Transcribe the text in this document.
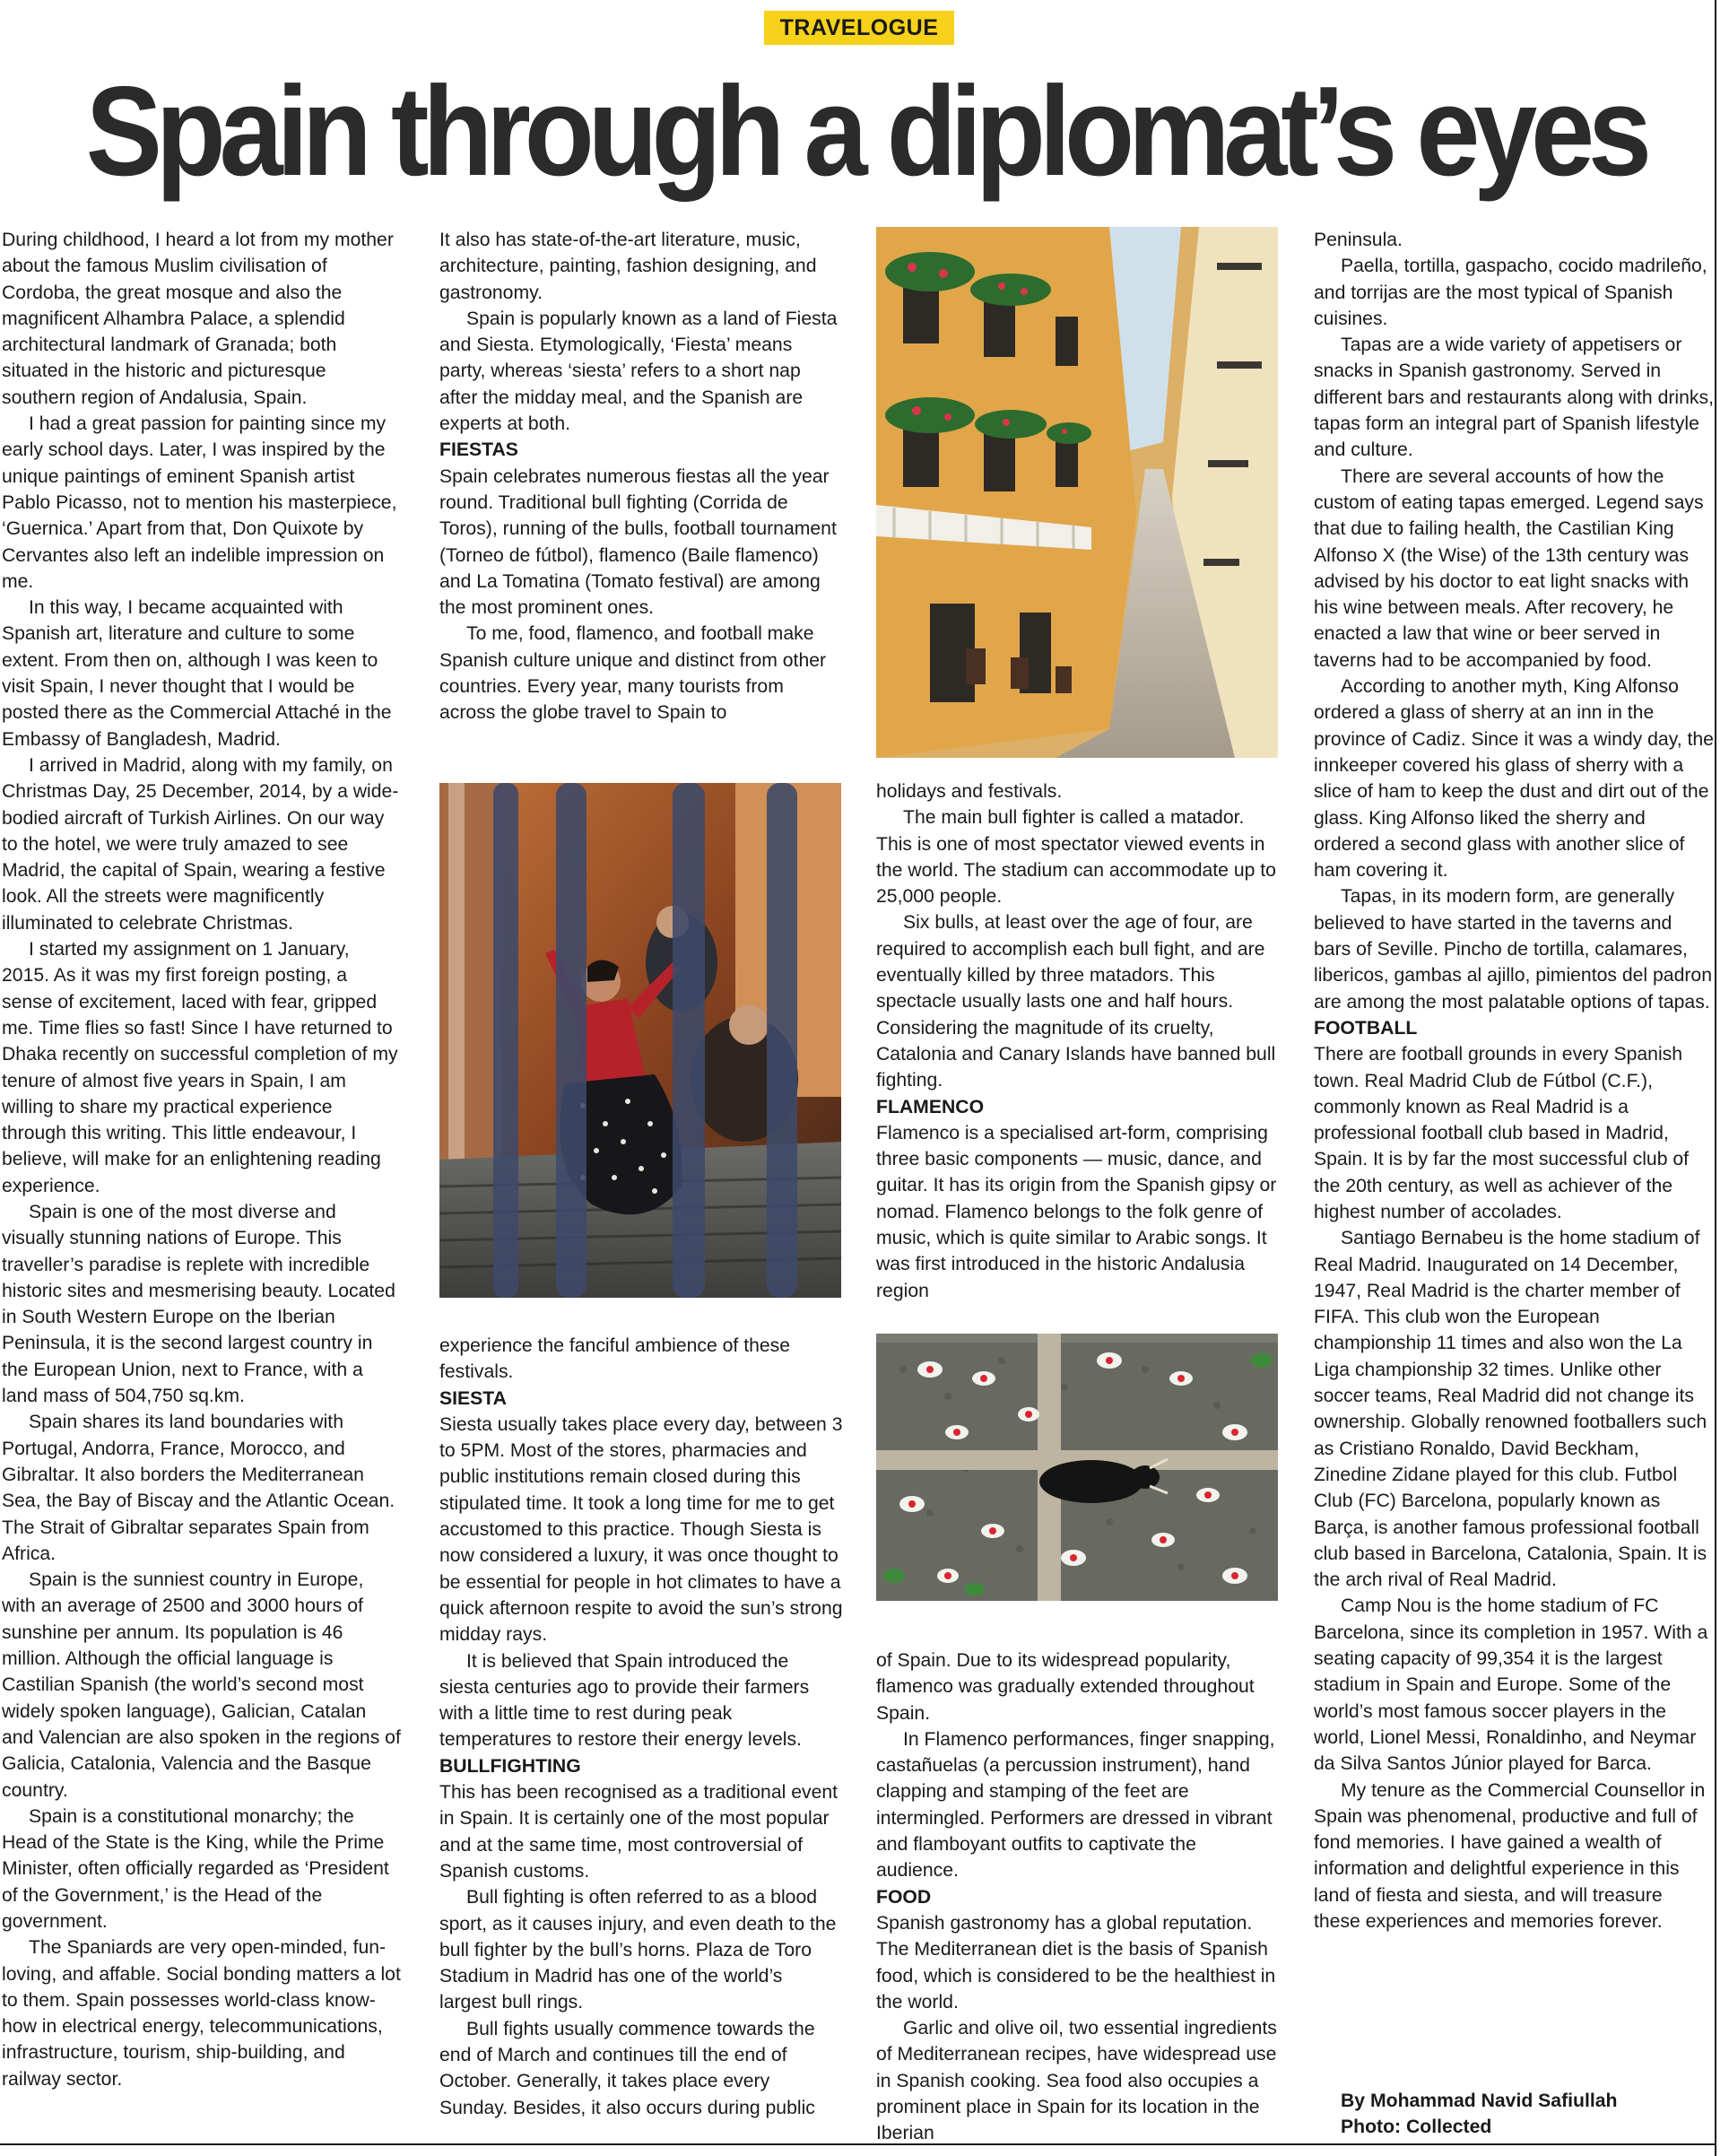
TRAVELOGUE
Spain through a diplomat’s eyes

During childhood, I heard a lot from my mother about the famous Muslim civilisation of Cordoba, the great mosque and also the magnificent Alhambra Palace, a splendid architectural landmark of Granada; both situated in the historic and picturesque southern region of Andalusia, Spain.

I had a great passion for painting since my early school days. Later, I was inspired by the unique paintings of eminent Spanish artist Pablo Picasso, not to mention his masterpiece, ‘Guernica.’ Apart from that, Don Quixote by Cervantes also left an indelible impression on me.

In this way, I became acquainted with Spanish art, literature and culture to some extent. From then on, although I was keen to visit Spain, I never thought that I would be posted there as the Commercial Attaché in the Embassy of Bangladesh, Madrid.

I arrived in Madrid, along with my family, on Christmas Day, 25 December, 2014, by a wide-bodied aircraft of Turkish Airlines. On our way to the hotel, we were truly amazed to see Madrid, the capital of Spain, wearing a festive look. All the streets were magnificently illuminated to celebrate Christmas.

I started my assignment on 1 January, 2015. As it was my first foreign posting, a sense of excitement, laced with fear, gripped me. Time flies so fast! Since I have returned to Dhaka recently on successful completion of my tenure of almost five years in Spain, I am willing to share my practical experience through this writing. This little endeavour, I believe, will make for an enlightening reading experience.

Spain is one of the most diverse and visually stunning nations of Europe. This traveller’s paradise is replete with incredible historic sites and mesmerising beauty. Located in South Western Europe on the Iberian Peninsula, it is the second largest country in the European Union, next to France, with a land mass of 504,750 sq.km.

Spain shares its land boundaries with Portugal, Andorra, France, Morocco, and Gibraltar. It also borders the Mediterranean Sea, the Bay of Biscay and the Atlantic Ocean. The Strait of Gibraltar separates Spain from Africa.

Spain is the sunniest country in Europe, with an average of 2500 and 3000 hours of sunshine per annum. Its population is 46 million. Although the official language is Castilian Spanish (the world’s second most widely spoken language), Galician, Catalan and Valencian are also spoken in the regions of Galicia, Catalonia, Valencia and the Basque country.

Spain is a constitutional monarchy; the Head of the State is the King, while the Prime Minister, often officially regarded as ‘President of the Government,’ is the Head of the government.

The Spaniards are very open-minded, fun-loving, and affable. Social bonding matters a lot to them. Spain possesses world-class know-how in electrical energy, telecommunications, infrastructure, tourism, ship-building, and railway sector.

It also has state-of-the-art literature, music, architecture, painting, fashion designing, and gastronomy.

Spain is popularly known as a land of Fiesta and Siesta. Etymologically, ‘Fiesta’ means party, whereas ‘siesta’ refers to a short nap after the midday meal, and the Spanish are experts at both.

FIESTAS

Spain celebrates numerous fiestas all the year round. Traditional bull fighting (Corrida de Toros), running of the bulls, football tournament (Torneo de fútbol), flamenco (Baile flamenco) and La Tomatina (Tomato festival) are among the most prominent ones.

To me, food, flamenco, and football make Spanish culture unique and distinct from other countries. Every year, many tourists from across the globe travel to Spain to

experience the fanciful ambience of these festivals.

SIESTA

Siesta usually takes place every day, between 3 to 5PM. Most of the stores, pharmacies and public institutions remain closed during this stipulated time. It took a long time for me to get accustomed to this practice. Though Siesta is now considered a luxury, it was once thought to be essential for people in hot climates to have a quick afternoon respite to avoid the sun’s strong midday rays.

It is believed that Spain introduced the siesta centuries ago to provide their farmers with a little time to rest during peak temperatures to restore their energy levels.

BULLFIGHTING

This has been recognised as a traditional event in Spain. It is certainly one of the most popular and at the same time, most controversial of Spanish customs.

Bull fighting is often referred to as a blood sport, as it causes injury, and even death to the bull fighter by the bull’s horns. Plaza de Toro Stadium in Madrid has one of the world’s largest bull rings.

Bull fights usually commence towards the end of March and continues till the end of October. Generally, it takes place every Sunday. Besides, it also occurs during public

holidays and festivals.

The main bull fighter is called a matador. This is one of most spectator viewed events in the world. The stadium can accommodate up to 25,000 people.

Six bulls, at least over the age of four, are required to accomplish each bull fight, and are eventually killed by three matadors. This spectacle usually lasts one and half hours. Considering the magnitude of its cruelty, Catalonia and Canary Islands have banned bull fighting.

FLAMENCO

Flamenco is a specialised art-form, comprising three basic components — music, dance, and guitar. It has its origin from the Spanish gipsy or nomad. Flamenco belongs to the folk genre of music, which is quite similar to Arabic songs. It was first introduced in the historic Andalusia region

of Spain. Due to its widespread popularity, flamenco was gradually extended throughout Spain.

In Flamenco performances, finger snapping, castañuelas (a percussion instrument), hand clapping and stamping of the feet are intermingled. Performers are dressed in vibrant and flamboyant outfits to captivate the audience.

FOOD

Spanish gastronomy has a global reputation. The Mediterranean diet is the basis of Spanish food, which is considered to be the healthiest in the world.

Garlic and olive oil, two essential ingredients of Mediterranean recipes, have widespread use in Spanish cooking. Sea food also occupies a prominent place in Spain for its location in the Iberian

Peninsula.

Paella, tortilla, gaspacho, cocido madrileño, and torrijas are the most typical of Spanish cuisines.

Tapas are a wide variety of appetisers or snacks in Spanish gastronomy. Served in different bars and restaurants along with drinks, tapas form an integral part of Spanish lifestyle and culture.

There are several accounts of how the custom of eating tapas emerged. Legend says that due to failing health, the Castilian King Alfonso X (the Wise) of the 13th century was advised by his doctor to eat light snacks with his wine between meals. After recovery, he enacted a law that wine or beer served in taverns had to be accompanied by food.

According to another myth, King Alfonso ordered a glass of sherry at an inn in the province of Cadiz. Since it was a windy day, the innkeeper covered his glass of sherry with a slice of ham to keep the dust and dirt out of the glass. King Alfonso liked the sherry and ordered a second glass with another slice of ham covering it.

Tapas, in its modern form, are generally believed to have started in the taverns and bars of Seville. Pincho de tortilla, calamares, libericos, gambas al ajillo, pimientos del padron are among the most palatable options of tapas.

FOOTBALL

There are football grounds in every Spanish town. Real Madrid Club de Fútbol (C.F.), commonly known as Real Madrid is a professional football club based in Madrid, Spain. It is by far the most successful club of the 20th century, as well as achiever of the highest number of accolades.

Santiago Bernabeu is the home stadium of Real Madrid. Inaugurated on 14 December, 1947, Real Madrid is the charter member of FIFA. This club won the European championship 11 times and also won the La Liga championship 32 times. Unlike other soccer teams, Real Madrid did not change its ownership. Globally renowned footballers such as Cristiano Ronaldo, David Beckham, Zinedine Zidane played for this club. Futbol Club (FC) Barcelona, popularly known as Barça, is another famous professional football club based in Barcelona, Catalonia, Spain. It is the arch rival of Real Madrid.

Camp Nou is the home stadium of FC Barcelona, since its completion in 1957. With a seating capacity of 99,354 it is the largest stadium in Spain and Europe. Some of the world’s most famous soccer players in the world, Lionel Messi, Ronaldinho, and Neymar da Silva Santos Júnior played for Barca.

My tenure as the Commercial Counsellor in Spain was phenomenal, productive and full of fond memories. I have gained a wealth of information and delightful experience in this land of fiesta and siesta, and will treasure these experiences and memories forever.

By Mohammad Navid Safiullah

Photo: Collected
